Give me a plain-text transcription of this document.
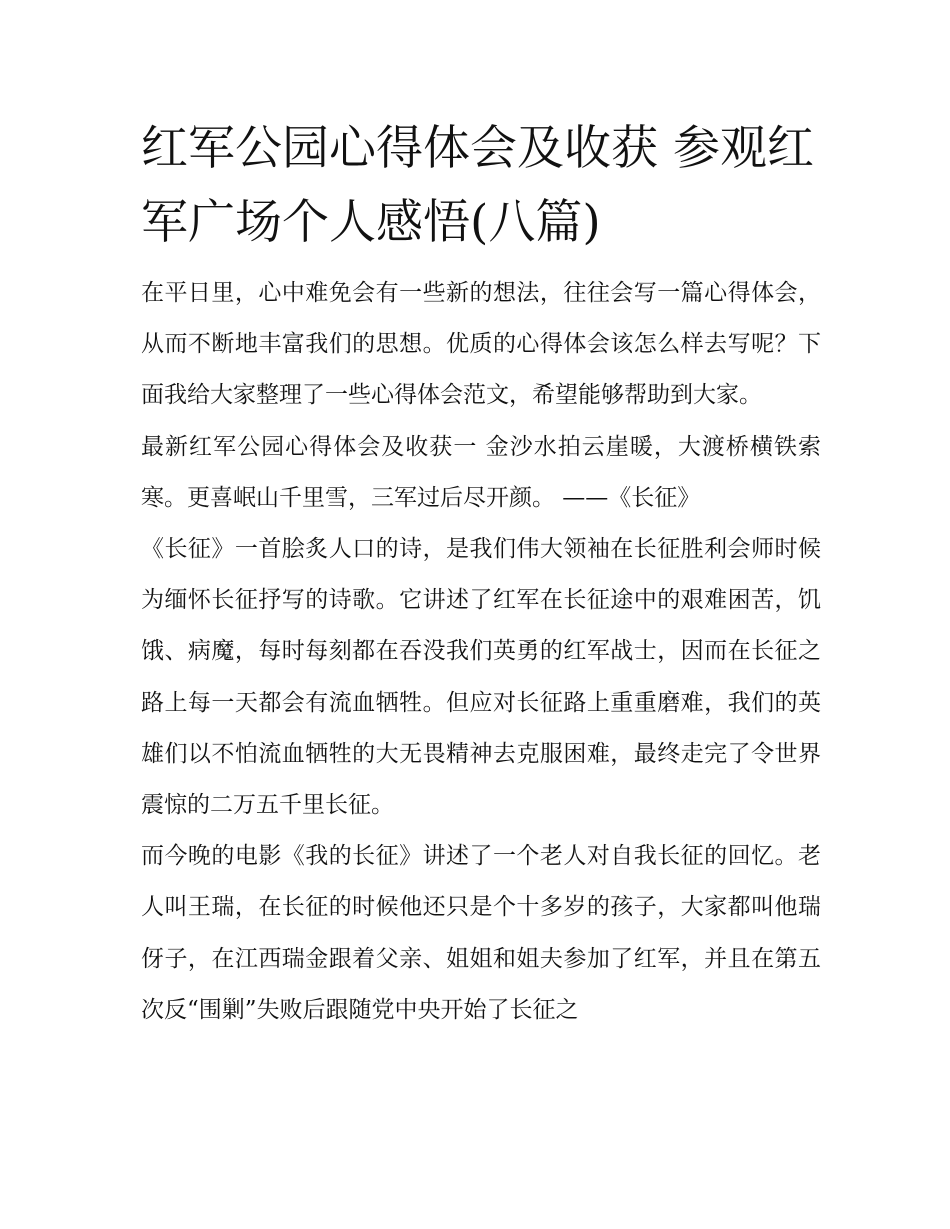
红军公园心得体会及收获 参观红军广场个人感悟(八篇)

在平日里，心中难免会有一些新的想法，往往会写一篇心得体会，从而不断地丰富我们的思想。优质的心得体会该怎么样去写呢？下面我给大家整理了一些心得体会范文，希望能够帮助到大家。

最新红军公园心得体会及收获一 金沙水拍云崖暖，大渡桥横铁索寒。更喜岷山千里雪，三军过后尽开颜。 ——《长征》

《长征》一首脍炙人口的诗，是我们伟大领袖在长征胜利会师时候为缅怀长征抒写的诗歌。它讲述了红军在长征途中的艰难困苦，饥饿、病魔，每时每刻都在吞没我们英勇的红军战士，因而在长征之路上每一天都会有流血牺牲。但应对长征路上重重磨难，我们的英雄们以不怕流血牺牲的大无畏精神去克服困难，最终走完了令世界震惊的二万五千里长征。

而今晚的电影《我的长征》讲述了一个老人对自我长征的回忆。老人叫王瑞，在长征的时候他还只是个十多岁的孩子，大家都叫他瑞伢子，在江西瑞金跟着父亲、姐姐和姐夫参加了红军，并且在第五次反“围剿”失败后跟随党中央开始了长征之
